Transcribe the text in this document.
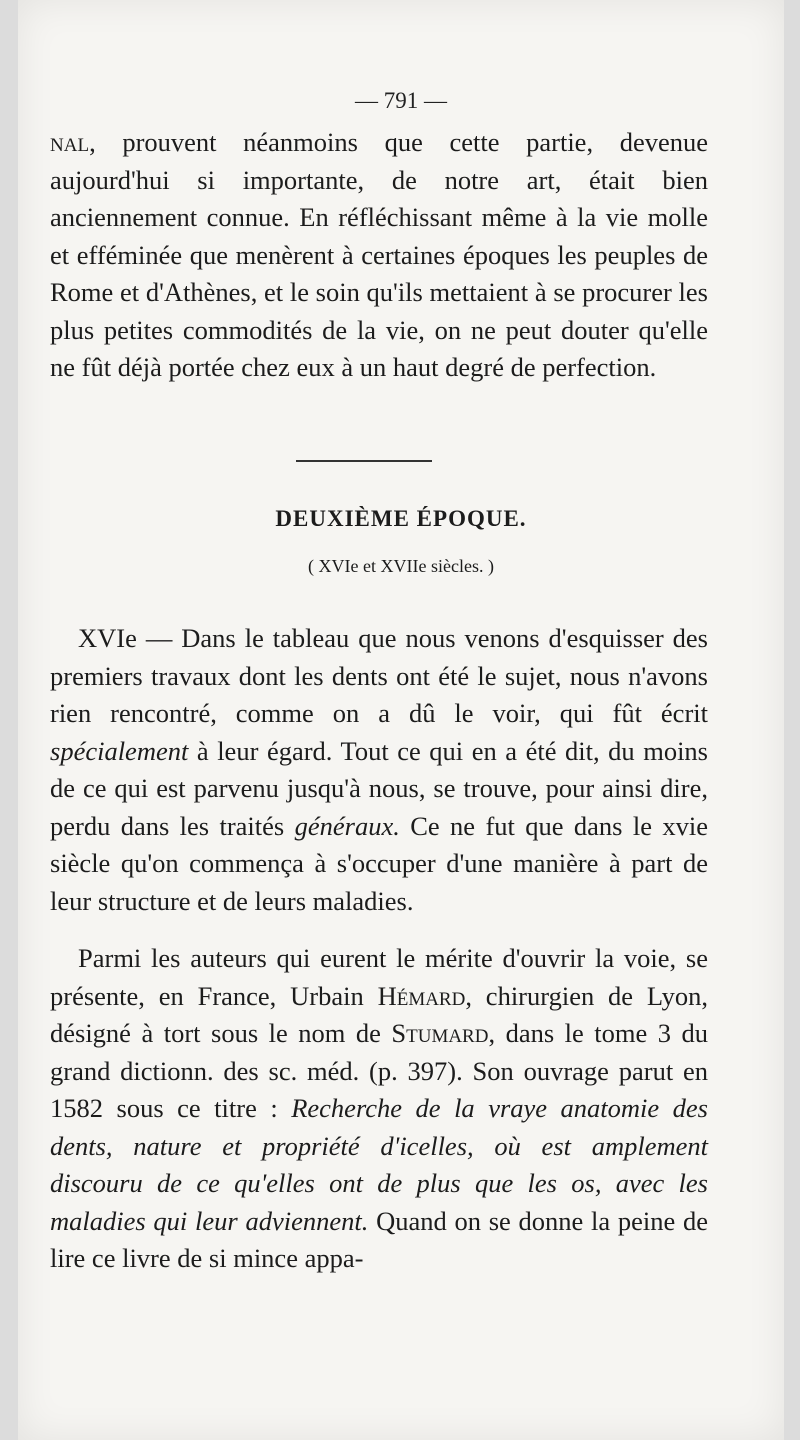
— 791 —

nal, prouvent néanmoins que cette partie, devenue aujourd'hui si importante, de notre art, était bien anciennement connue. En réfléchissant même à la vie molle et efféminée que menèrent à certaines époques les peuples de Rome et d'Athènes, et le soin qu'ils mettaient à se procurer les plus petites commodités de la vie, on ne peut douter qu'elle ne fût déjà portée chez eux à un haut degré de perfection.

DEUXIÈME ÉPOQUE.
( XVIe et XVIIe siècles. )

XVIe — Dans le tableau que nous venons d'esquisser des premiers travaux dont les dents ont été le sujet, nous n'avons rien rencontré, comme on a dû le voir, qui fût écrit spécialement à leur égard. Tout ce qui en a été dit, du moins de ce qui est parvenu jusqu'à nous, se trouve, pour ainsi dire, perdu dans les traités généraux. Ce ne fut que dans le xvie siècle qu'on commença à s'occuper d'une manière à part de leur structure et de leurs maladies.

Parmi les auteurs qui eurent le mérite d'ouvrir la voie, se présente, en France, Urbain Hémard, chirurgien de Lyon, désigné à tort sous le nom de Stumard, dans le tome 3 du grand dictionn. des sc. méd. (p. 397). Son ouvrage parut en 1582 sous ce titre : Recherche de la vraye anatomie des dents, nature et propriété d'icelles, où est amplement discouru de ce qu'elles ont de plus que les os, avec les maladies qui leur adviennent. Quand on se donne la peine de lire ce livre de si mince appa-
